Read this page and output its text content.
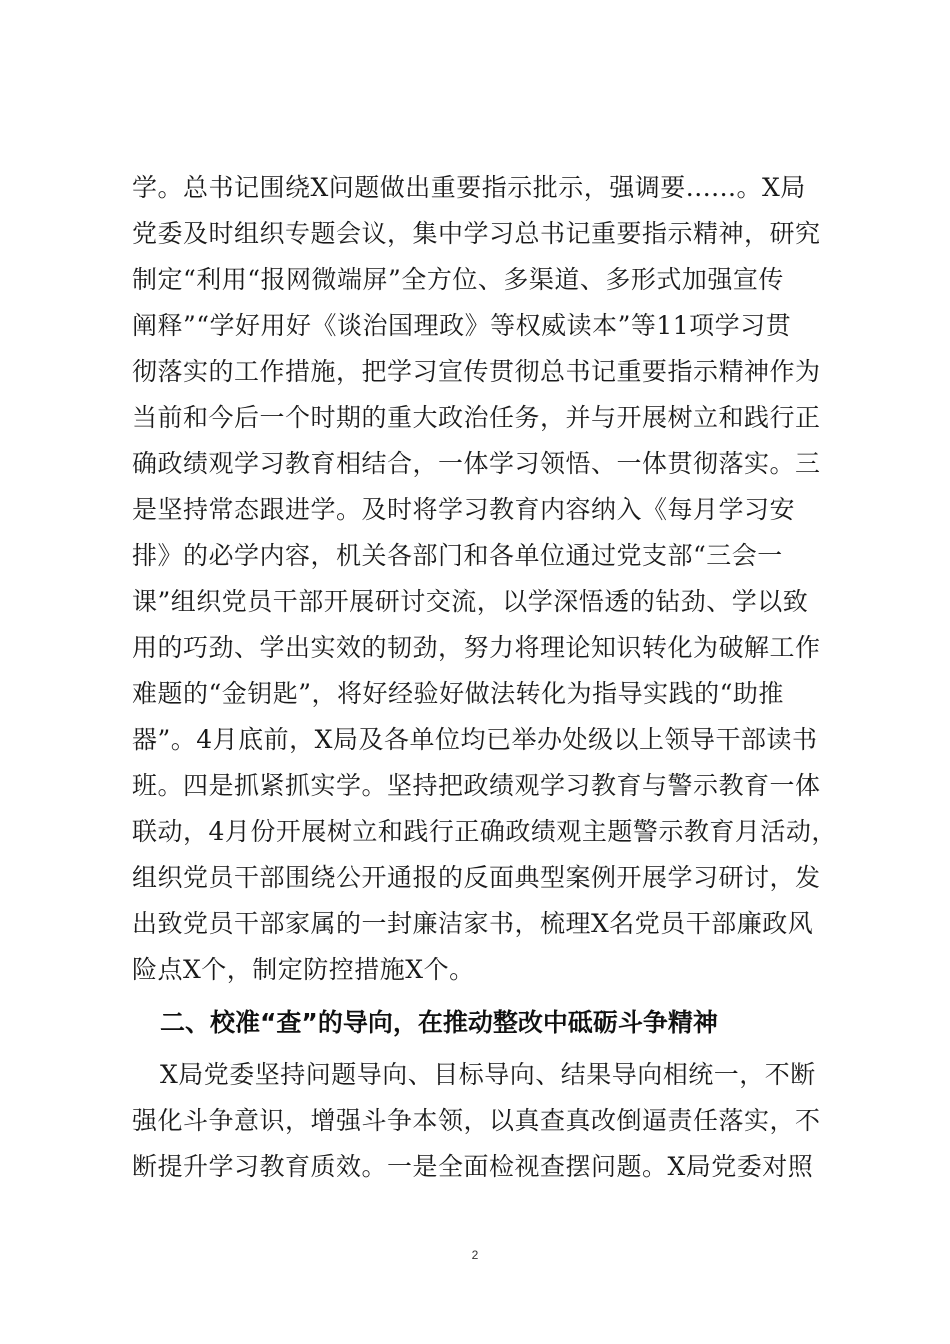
学。总书记围绕X问题做出重要指示批示，强调要......。X局
党委及时组织专题会议，集中学习总书记重要指示精神，研究
制定“利用“报网微端屏”全方位、多渠道、多形式加强宣传
阐释”“学好用好《谈治国理政》等权威读本”等11项学习贯
彻落实的工作措施，把学习宣传贯彻总书记重要指示精神作为
当前和今后一个时期的重大政治任务，并与开展树立和践行正
确政绩观学习教育相结合，一体学习领悟、一体贯彻落实。三
是坚持常态跟进学。及时将学习教育内容纳入《每月学习安
排》的必学内容，机关各部门和各单位通过党支部“三会一
课”组织党员干部开展研讨交流，以学深悟透的钻劲、学以致
用的巧劲、学出实效的韧劲，努力将理论知识转化为破解工作
难题的“金钥匙”，将好经验好做法转化为指导实践的“助推
器”。4月底前，X局及各单位均已举办处级以上领导干部读书
班。四是抓紧抓实学。坚持把政绩观学习教育与警示教育一体
联动，4月份开展树立和践行正确政绩观主题警示教育月活动，
组织党员干部围绕公开通报的反面典型案例开展学习研讨，发
出致党员干部家属的一封廉洁家书，梳理X名党员干部廉政风
险点X个，制定防控措施X个。
二、校准“查”的导向，在推动整改中砥砺斗争精神
X局党委坚持问题导向、目标导向、结果导向相统一，不断
强化斗争意识，增强斗争本领，以真查真改倒逼责任落实，不
断提升学习教育质效。一是全面检视查摆问题。X局党委对照
2
